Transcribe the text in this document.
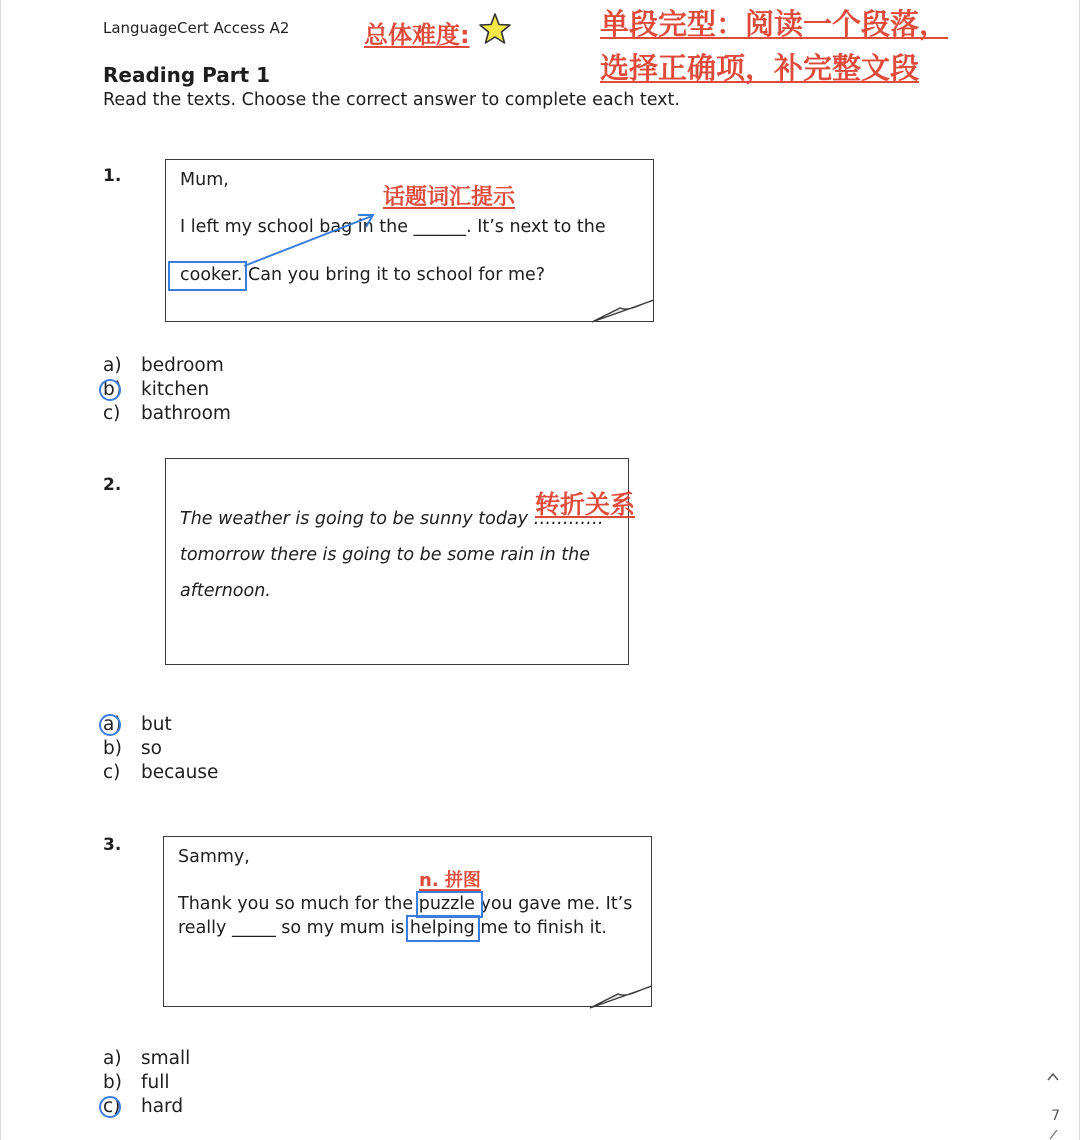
LanguageCert Access A2
Reading Part 1
Read the texts. Choose the correct answer to complete each text.
总体难度:	单段完型：阅读一个段落，
选择正确项，补完整文段
1.	Mum,
I left my school bag in the ______. It’s next to the
cooker. Can you bring it to school for me?
话题词汇提示
a) bedroom
b) kitchen
c) bathroom
2.
The weather is going to be sunny today …………
tomorrow there is going to be some rain in the
afternoon.
转折关系
a) but
b) so
c) because
3.
Sammy,
Thank you so much for the puzzle you gave me. It’s
really _____ so my mum is helping me to finish it.
n. 拼图
a) small
b) full
c) hard	7
